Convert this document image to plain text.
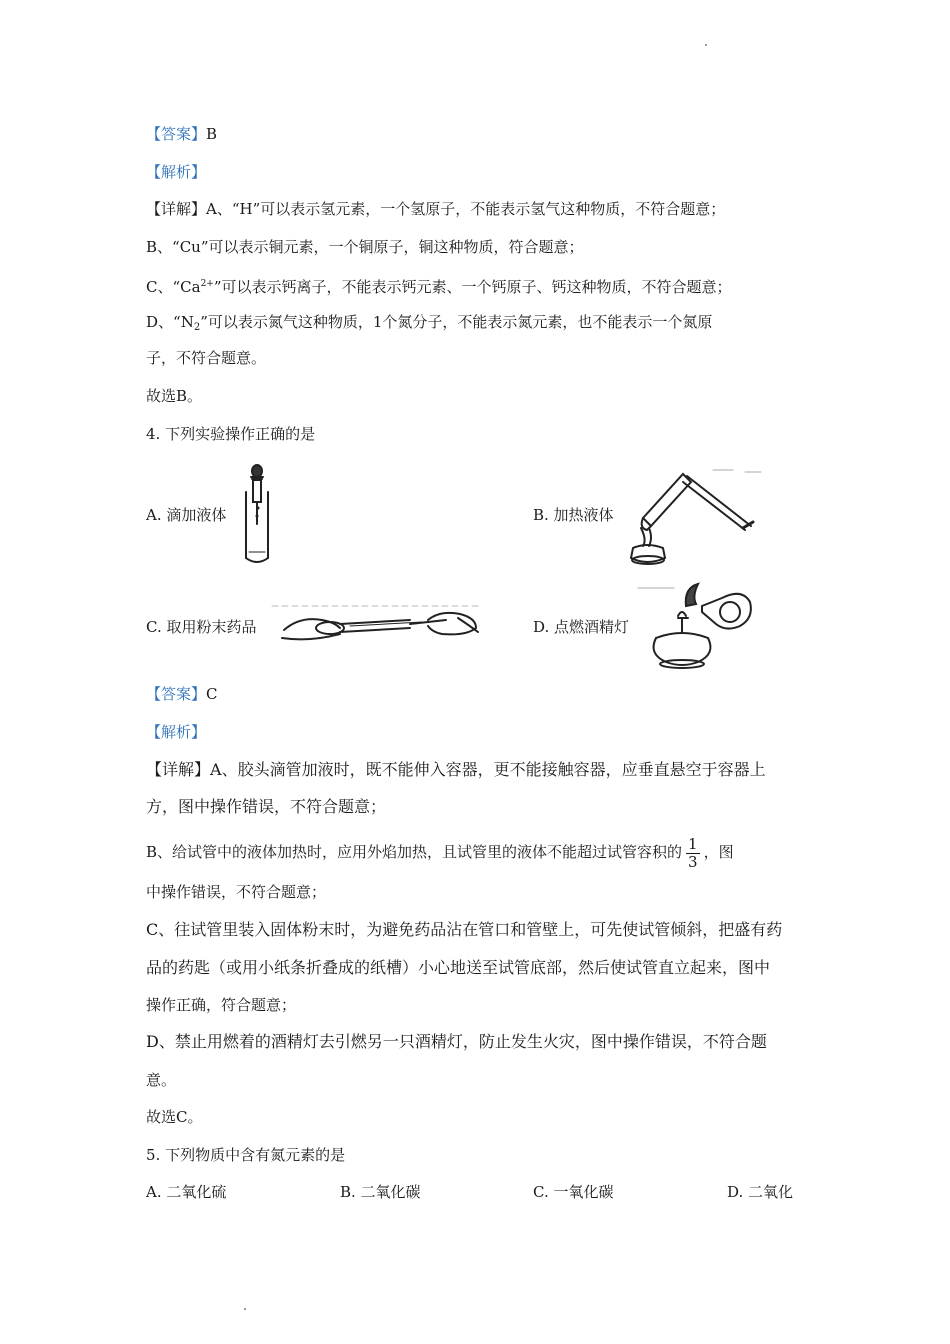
【答案】B
【解析】
【详解】A、“H”可以表示氢元素，一个氢原子，不能表示氢气这种物质，不符合题意；
B、“Cu”可以表示铜元素，一个铜原子，铜这种物质，符合题意；
C、“$Ca^{2+}$”可以表示钙离子，不能表示钙元素、一个钙原子、钙这种物质，不符合题意；
D、“$N_2$”可以表示氮气这种物质，1个氮分子，不能表示氮元素，也不能表示一个氮原
子，不符合题意。
故选B。
4. 下列实验操作正确的是
A. 滴加液体	B. 加热液体
C. 取用粉末药品	D. 点燃酒精灯
【答案】C
【解析】
【详解】A、胶头滴管加液时，既不能伸入容器，更不能接触容器，应垂直悬空于容器上
方，图中操作错误，不符合题意；
B、给试管中的液体加热时，应用外焰加热，且试管里的液体不能超过试管容积的 $\frac{1}{3}$ ，图
中操作错误，不符合题意；
C、往试管里装入固体粉末时，为避免药品沾在管口和管壁上，可先使试管倾斜，把盛有药
品的药匙（或用小纸条折叠成的纸槽）小心地送至试管底部，然后使试管直立起来，图中
操作正确，符合题意；
D、禁止用燃着的酒精灯去引燃另一只酒精灯，防止发生火灾，图中操作错误，不符合题
意。
故选C。
5. 下列物质中含有氮元素的是
A. 二氧化硫	B. 二氧化碳	C. 一氧化碳	D. 二氧化
